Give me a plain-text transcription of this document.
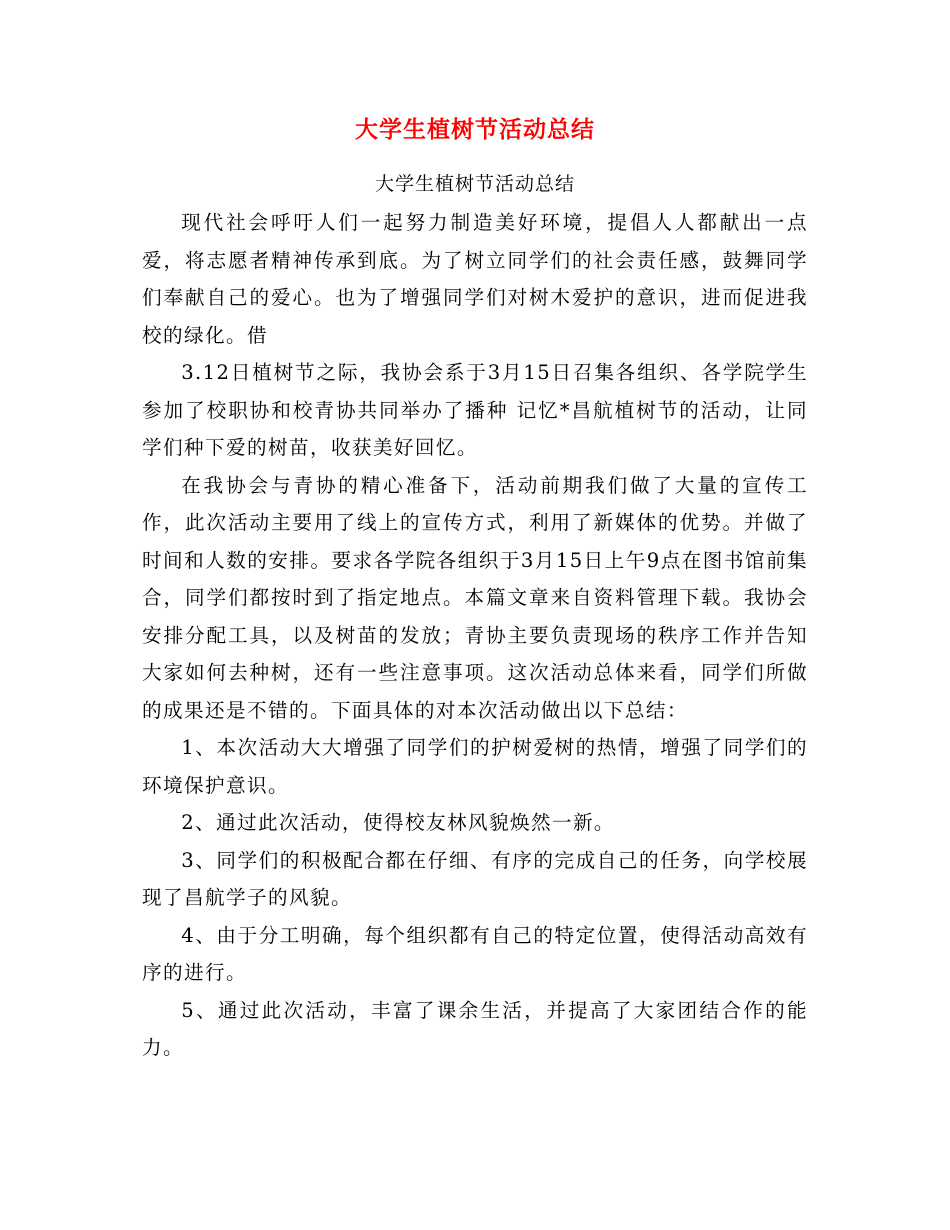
大学生植树节活动总结
大学生植树节活动总结

现代社会呼吁人们一起努力制造美好环境，提倡人人都献出一点爱，将志愿者精神传承到底。为了树立同学们的社会责任感，鼓舞同学们奉献自己的爱心。也为了增强同学们对树木爱护的意识，进而促进我校的绿化。借

3.12日植树节之际，我协会系于3月15日召集各组织、各学院学生参加了校职协和校青协共同举办了播种 记忆*昌航植树节的活动，让同学们种下爱的树苗，收获美好回忆。

在我协会与青协的精心准备下，活动前期我们做了大量的宣传工作，此次活动主要用了线上的宣传方式，利用了新媒体的优势。并做了时间和人数的安排。要求各学院各组织于3月15日上午9点在图书馆前集合，同学们都按时到了指定地点。本篇文章来自资料管理下载。我协会安排分配工具，以及树苗的发放；青协主要负责现场的秩序工作并告知大家如何去种树，还有一些注意事项。这次活动总体来看，同学们所做的成果还是不错的。下面具体的对本次活动做出以下总结：

1、本次活动大大增强了同学们的护树爱树的热情，增强了同学们的环境保护意识。

2、通过此次活动，使得校友林风貌焕然一新。

3、同学们的积极配合都在仔细、有序的完成自己的任务，向学校展现了昌航学子的风貌。

4、由于分工明确，每个组织都有自己的特定位置，使得活动高效有序的进行。

5、通过此次活动，丰富了课余生活，并提高了大家团结合作的能力。
